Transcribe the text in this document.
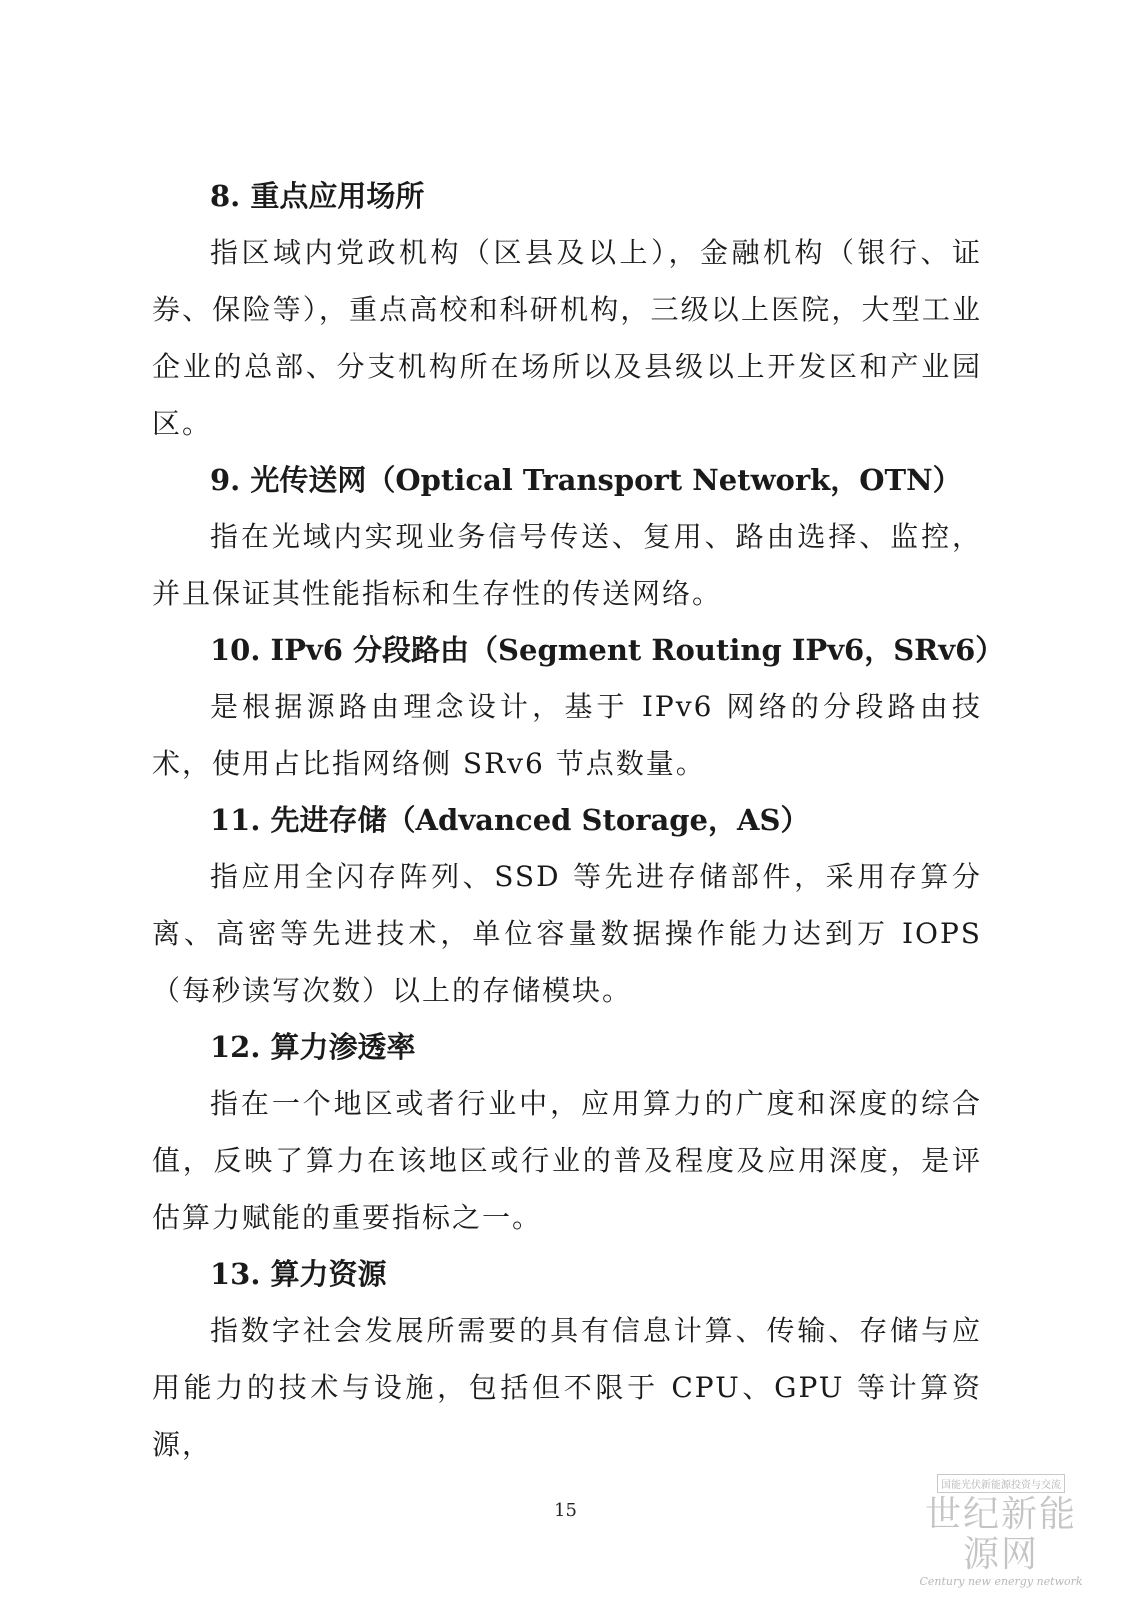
8. 重点应用场所

指区域内党政机构（区县及以上），金融机构（银行、证券、保险等），重点高校和科研机构，三级以上医院，大型工业企业的总部、分支机构所在场所以及县级以上开发区和产业园区。

9. 光传送网（Optical Transport Network，OTN）

指在光域内实现业务信号传送、复用、路由选择、监控，并且保证其性能指标和生存性的传送网络。

10. IPv6 分段路由（Segment Routing IPv6，SRv6）

是根据源路由理念设计，基于 IPv6 网络的分段路由技术，使用占比指网络侧 SRv6 节点数量。

11. 先进存储（Advanced Storage，AS）

指应用全闪存阵列、SSD 等先进存储部件，采用存算分离、高密等先进技术，单位容量数据操作能力达到万 IOPS（每秒读写次数）以上的存储模块。

12. 算力渗透率

指在一个地区或者行业中，应用算力的广度和深度的综合值，反映了算力在该地区或行业的普及程度及应用深度，是评估算力赋能的重要指标之一。

13. 算力资源

指数字社会发展所需要的具有信息计算、传输、存储与应用能力的技术与设施，包括但不限于 CPU、GPU 等计算资源，

15
国能光伏新能源投资与交流
世纪新能源网
Century new energy network
